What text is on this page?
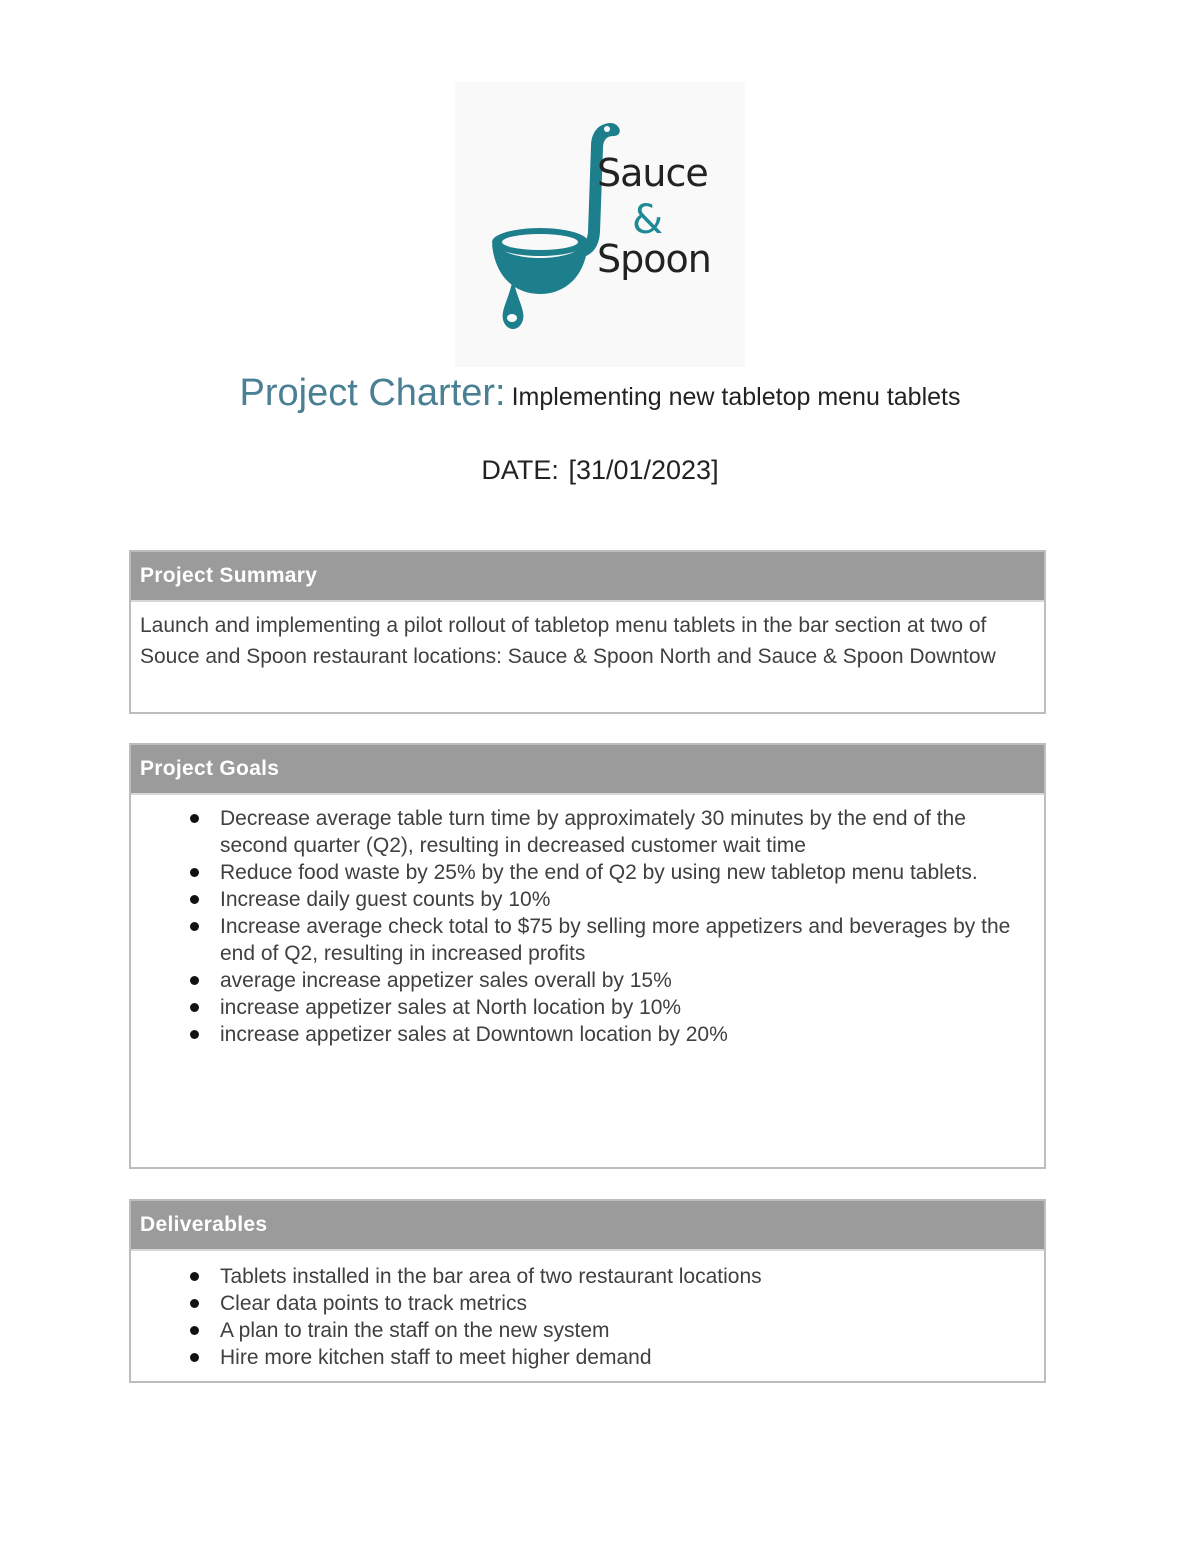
Sauce
&
Spoon
Project Charter: Implementing new tabletop menu tablets
DATE: [31/01/2023]
Project Summary
Launch and implementing a pilot rollout of tabletop menu tablets in the bar section at two of Souce and Spoon restaurant locations: Sauce & Spoon North and Sauce & Spoon Downtow
Project Goals
Decrease average table turn time by approximately 30 minutes by the end of the second quarter (Q2), resulting in decreased customer wait time
Reduce food waste by 25% by the end of Q2 by using new tabletop menu tablets.
Increase daily guest counts by 10%
Increase average check total to $75 by selling more appetizers and beverages by the end of Q2, resulting in increased profits
average increase appetizer sales overall by 15%
increase appetizer sales at North location by 10%
increase appetizer sales at Downtown location by 20%
Deliverables
Tablets installed in the bar area of two restaurant locations
Clear data points to track metrics
A plan to train the staff on the new system
Hire more kitchen staff to meet higher demand
